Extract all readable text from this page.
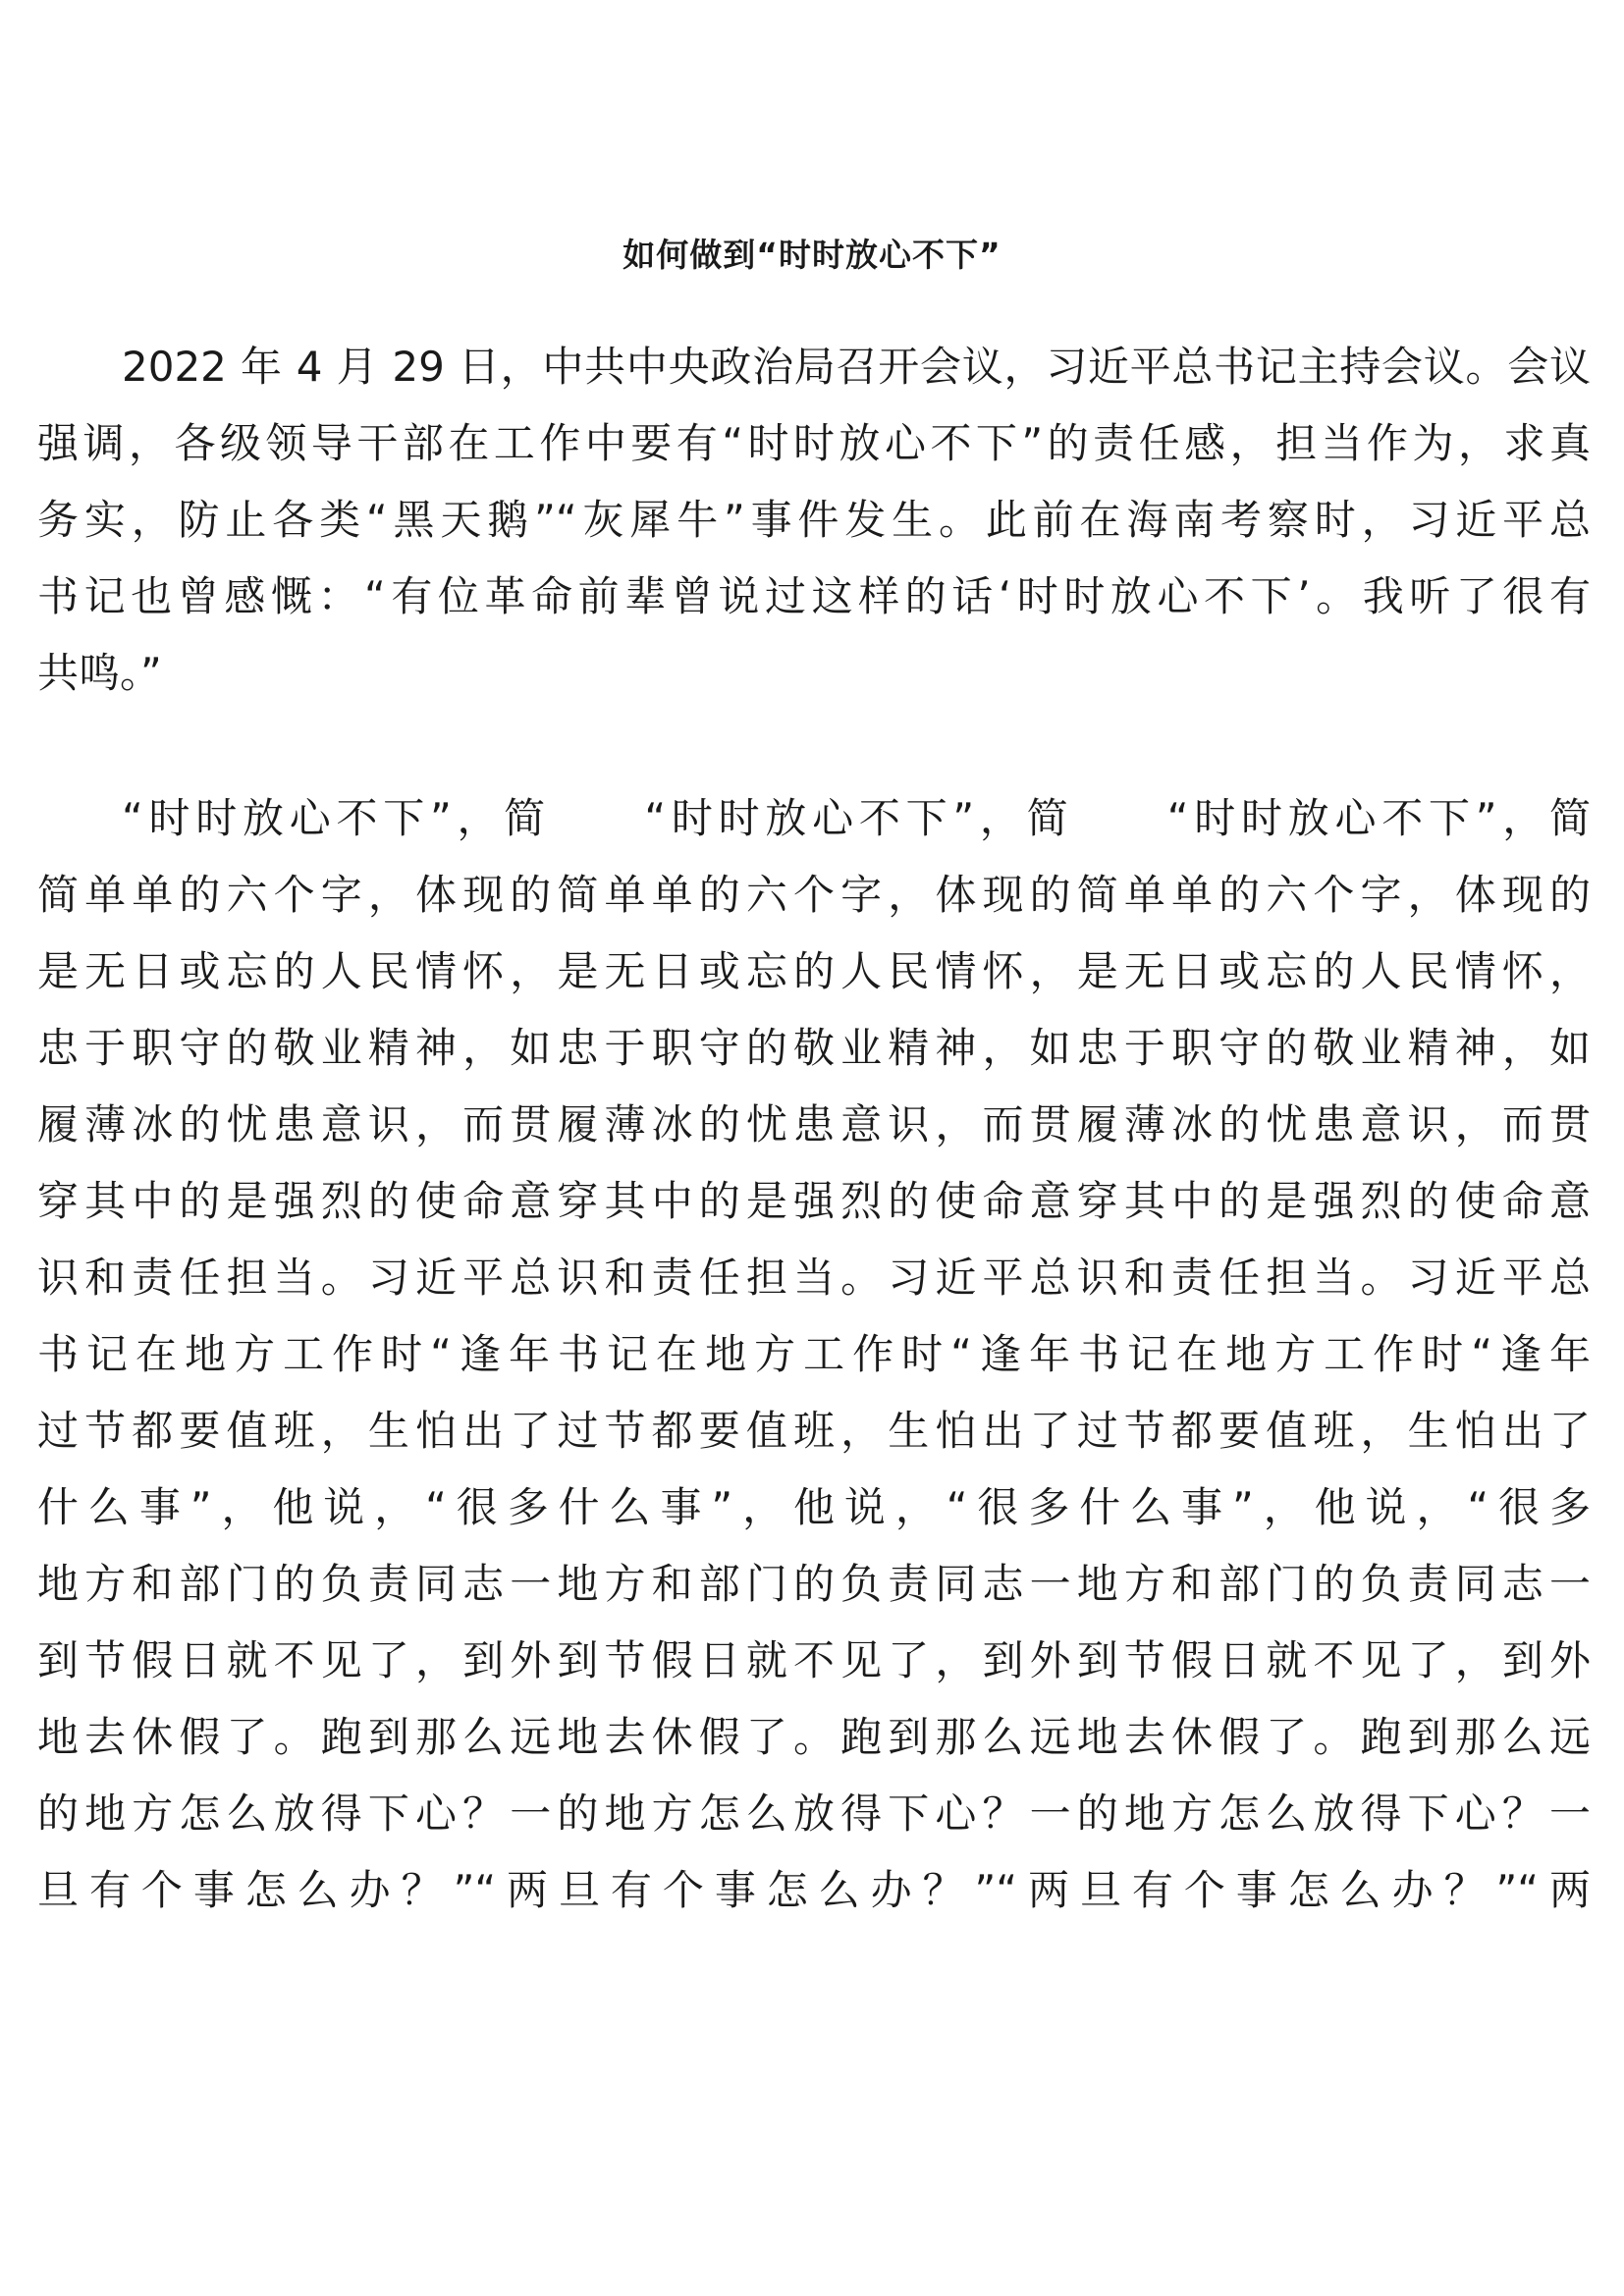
如何做到“时时放心不下”
2022 年 4 月 29 日，中共中央政治局召开会议，习近平总书记主持会议。会议
强调，各级领导干部在工作中要有“时时放心不下”的责任感，担当作为，求真
务实，防止各类“黑天鹅”“灰犀牛”事件发生。此前在海南考察时，习近平总
书记也曾感慨：“有位革命前辈曾说过这样的话‘时时放心不下’。我听了很有
共鸣。”
“时时放心不下”，简　　“时时放心不下”，简　　“时时放心不下”，简
简单单的六个字，体现的简单单的六个字，体现的简单单的六个字，体现的
是无日或忘的人民情怀，是无日或忘的人民情怀，是无日或忘的人民情怀，
忠于职守的敬业精神，如忠于职守的敬业精神，如忠于职守的敬业精神，如
履薄冰的忧患意识，而贯履薄冰的忧患意识，而贯履薄冰的忧患意识，而贯
穿其中的是强烈的使命意穿其中的是强烈的使命意穿其中的是强烈的使命意
识和责任担当。习近平总识和责任担当。习近平总识和责任担当。习近平总
书记在地方工作时“逢年书记在地方工作时“逢年书记在地方工作时“逢年
过节都要值班，生怕出了过节都要值班，生怕出了过节都要值班，生怕出了
什么事”，他说，“很多什么事”，他说，“很多什么事”，他说，“很多
地方和部门的负责同志一地方和部门的负责同志一地方和部门的负责同志一
到节假日就不见了，到外到节假日就不见了，到外到节假日就不见了，到外
地去休假了。跑到那么远地去休假了。跑到那么远地去休假了。跑到那么远
的地方怎么放得下心？一的地方怎么放得下心？一的地方怎么放得下心？一
旦有个事怎么办？”“两旦有个事怎么办？”“两旦有个事怎么办？”“两
